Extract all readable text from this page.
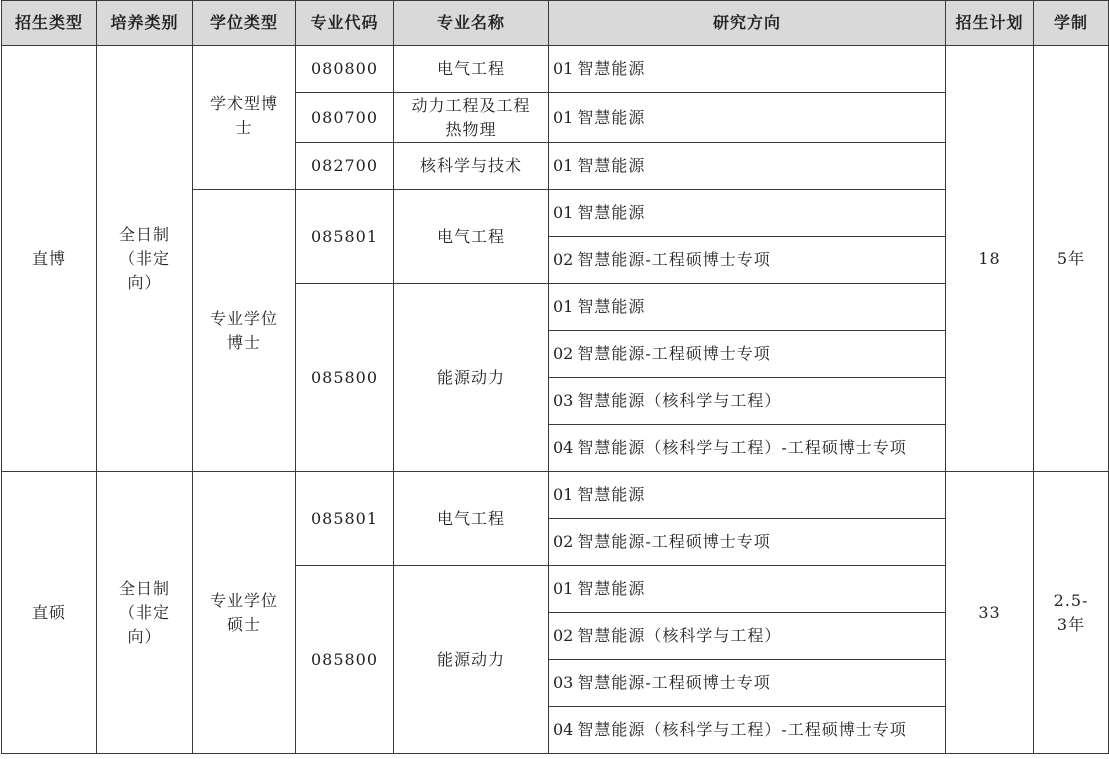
招生类型	培养类别	学位类型	专业代码	专业名称	研究方向	招生计划	学制
直博	全日制（非定向）	学术型博士	080800	电气工程	01 智慧能源	18	5年
			080700	动力工程及工程热物理	01 智慧能源		
			082700	核科学与技术	01 智慧能源		
		专业学位博士	085801	电气工程	01 智慧能源		
					02 智慧能源-工程硕博士专项		
			085800	能源动力	01 智慧能源		
					02 智慧能源-工程硕博士专项		
					03 智慧能源（核科学与工程）		
					04 智慧能源（核科学与工程）-工程硕博士专项		
直硕	全日制（非定向）	专业学位硕士	085801	电气工程	01 智慧能源	33	2.5-3年
					02 智慧能源-工程硕博士专项		
			085800	能源动力	01 智慧能源		
					02 智慧能源（核科学与工程）		
					03 智慧能源-工程硕博士专项		
					04 智慧能源（核科学与工程）-工程硕博士专项		
